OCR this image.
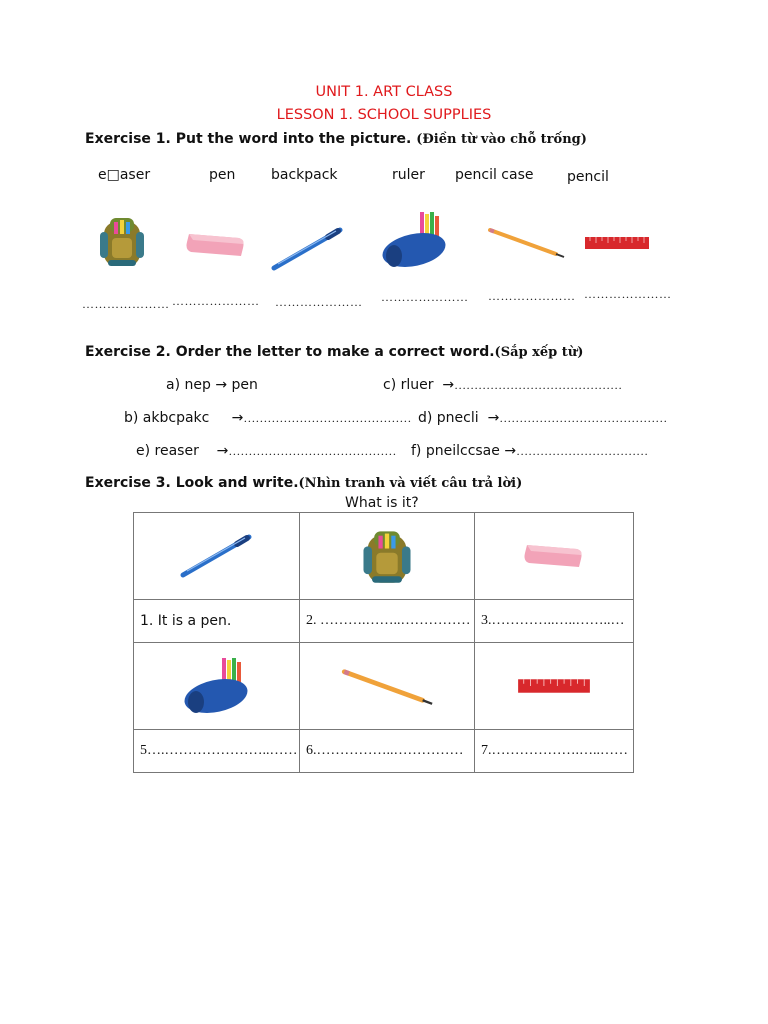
UNIT 1. ART CLASS
LESSON 1. SCHOOL SUPPLIES
Exercise 1. Put the word into the picture. (Điền từ vào chỗ trống)
e□aser	pen	backpack	ruler pencil case pencil
………………… ………………… ………………… ………………… ………………… …………………
Exercise 2. Order the letter to make a correct word.(Sắp xếp từ)
a) nep → pen	c) rluer →……………………………………
b) akbcpakc →…………………………………… d) pnecli →……………………………………
e) reaser →…………………………………… f) pneilccsae →……………………………
Exercise 3. Look and write.(Nhìn tranh và viết câu trả lời)
What is it?

1. It is a pen.	2. ……….……..……………	3.…………..…..……..…

5….…………………..……	6.……………..……………	7.……………….…..……
